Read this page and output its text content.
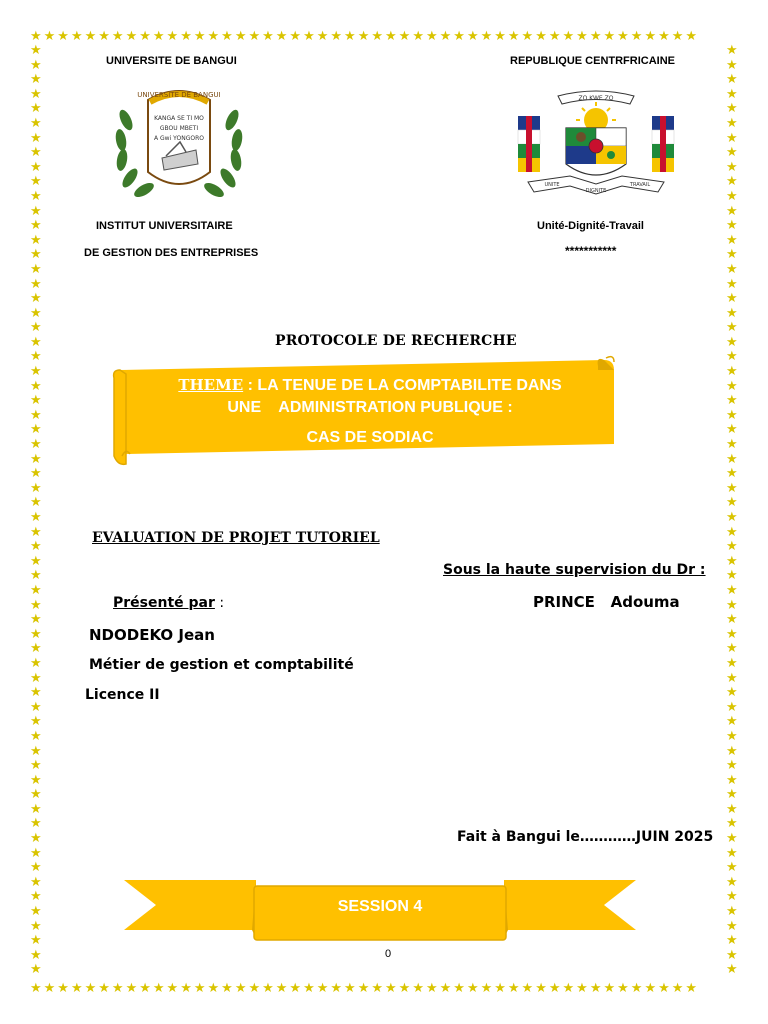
★★★★★★★★★★★★★★★★★★★★★★★★★★★★★★★★★★★★★★★★★★★★★★★★★
★★★★★★★★★★★★★★★★★★★★★★★★★★★★★★★★★★★★★★★★★★★★★★★★★
★
★
★
★
★
★
★
★
★
★
★
★
★
★
★
★
★
★
★
★
★
★
★
★
★
★
★
★
★
★
★
★
★
★
★
★
★
★
★
★
★
★
★
★
★
★
★
★
★
★
★
★
★
★
★
★
★
★
★
★
★
★
★
★
★
★
★
★
★
★
★
★
★
★
★
★
★
★
★
★
★
★
★
★
★
★
★
★
★
★
★
★
★
★
★
★
★
★
★
★
★
★
★
★
★
★
★
★
★
★
★
★
★
★
★
★
★
★
★
★
★
★
★
★
★
★
★
★
UNIVERSITE DE BANGUI	REPUBLIQUE CENTRFRICAINE
UNIVERSITE DE BANGUI
KANGA SE TI MO
GBOU MBETI
A Gwi YONGORO
ZO KWE ZO
UNITE
DIGNITE
TRAVAIL
INSTITUT UNIVERSITAIRE
DE GESTION DES ENTREPRISES
Unité-Dignité-Travail
***********
PROTOCOLE DE RECHERCHE
THEME : LA TENUE DE LA COMPTABILITE DANS
UNE    ADMINISTRATION PUBLIQUE :
CAS DE SODIAC
EVALUATION DE PROJET TUTORIEL
Sous la haute supervision du Dr :
PRINCE   Adouma
Présenté par :
NDODEKO Jean
Métier de gestion et comptabilité
Licence II
Fait à Bangui le…………JUIN 2025
SESSION 4
0
